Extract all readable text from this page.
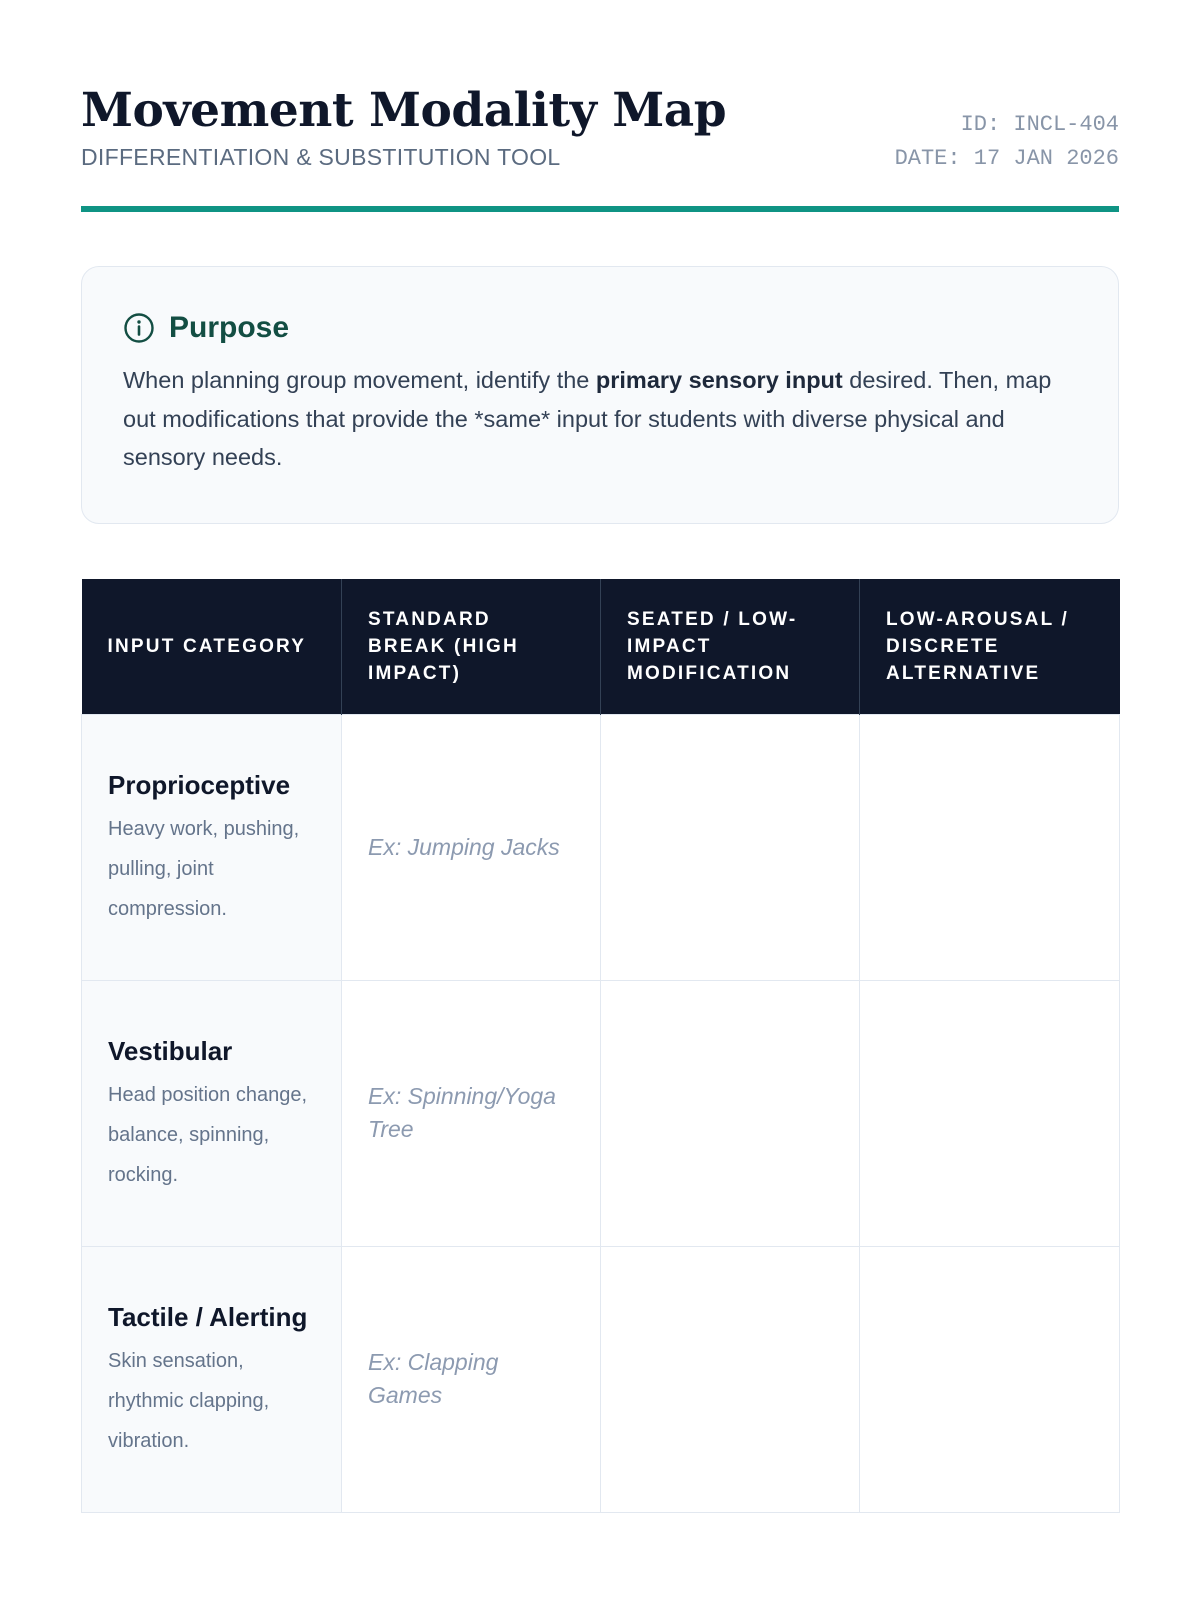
Movement Modality Map
DIFFERENTIATION & SUBSTITUTION TOOL
ID: INCL-404
DATE: 17 JAN 2026
Purpose
When planning group movement, identify the primary sensory input desired. Then, map out modifications that provide the *same* input for students with diverse physical and sensory needs.
INPUT CATEGORY	STANDARD BREAK (HIGH IMPACT)	SEATED / LOW-IMPACT MODIFICATION	LOW-AROUSAL / DISCRETE ALTERNATIVE

Proprioceptive
Heavy work, pushing, pulling, joint compression.	Ex: Jumping Jacks		

Vestibular
Head position change, balance, spinning, rocking.	Ex: Spinning/Yoga Tree		

Tactile / Alerting
Skin sensation, rhythmic clapping, vibration.	Ex: Clapping Games		
